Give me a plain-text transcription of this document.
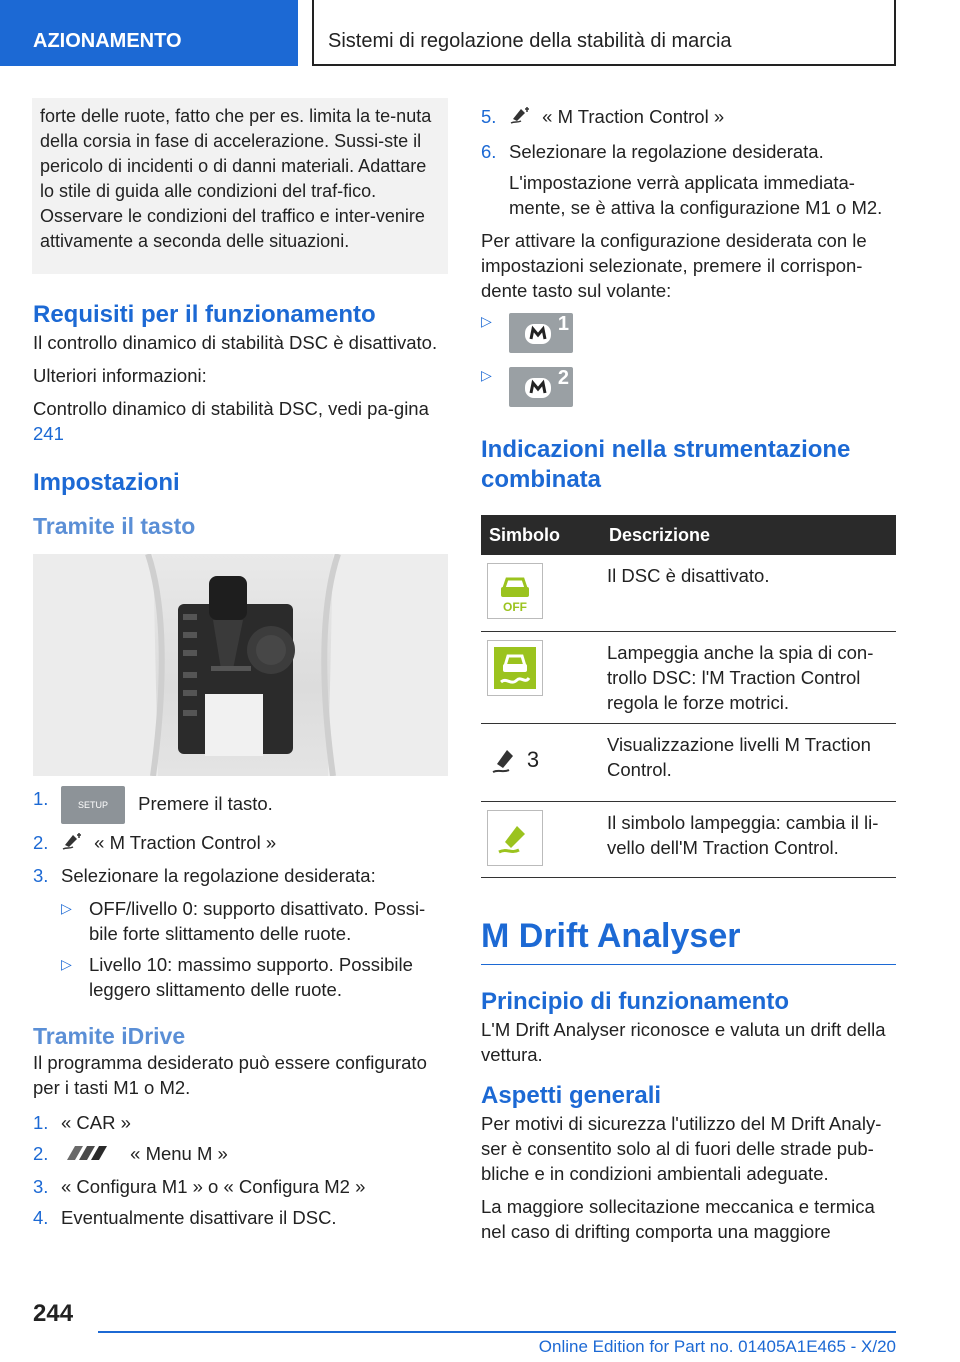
AZIONAMENTO	Sistemi di regolazione della stabilità di marcia
forte delle ruote, fatto che per es. limita la te-nuta della corsia in fase di accelerazione. Sussi-ste il pericolo di incidenti o di danni materiali. Adattare lo stile di guida alle condizioni del traf-fico. Osservare le condizioni del traffico e inter-venire attivamente a seconda delle situazioni.
Requisiti per il funzionamento
Il controllo dinamico di stabilità DSC è disattivato.
Ulteriori informazioni:
Controllo dinamico di stabilità DSC, vedi pa-gina 241
Impostazioni
Tramite il tasto
1.	SETUP Premere il tasto.
2.	« M Traction Control »
3. Selezionare la regolazione desiderata:
▷ OFF/livello 0: supporto disattivato. Possi-bile forte slittamento delle ruote.
▷ Livello 10: massimo supporto. Possibile leggero slittamento delle ruote.
Tramite iDrive
Il programma desiderato può essere configurato per i tasti M1 o M2.
1. « CAR »
2.	« Menu M »
3. « Configura M1 » o « Configura M2 »
4. Eventualmente disattivare il DSC.
5.	« M Traction Control »
6. Selezionare la regolazione desiderata.
L'impostazione verrà applicata immediata-mente, se è attiva la configurazione M1 o M2.
Per attivare la configurazione desiderata con le impostazioni selezionate, premere il corrispon-dente tasto sul volante:
▷	1
▷	2
Indicazioni nella strumentazione combinata
Simbolo	Descrizione

OFF	Il DSC è disattivato.

	Lampeggia anche la spia di con-trollo DSC: l'M Traction Control regola le forze motrici.

3	Visualizzazione livelli M Traction Control.

	Il simbolo lampeggia: cambia il li-vello dell'M Traction Control.
M Drift Analyser
Principio di funzionamento
L'M Drift Analyser riconosce e valuta un drift della vettura.
Aspetti generali
Per motivi di sicurezza l'utilizzo del M Drift Analy-ser è consentito solo al di fuori delle strade pub-bliche e in condizioni ambientali adeguate.
La maggiore sollecitazione meccanica e termica nel caso di drifting comporta una maggiore
244
Online Edition for Part no. 01405A1E465 - X/20
